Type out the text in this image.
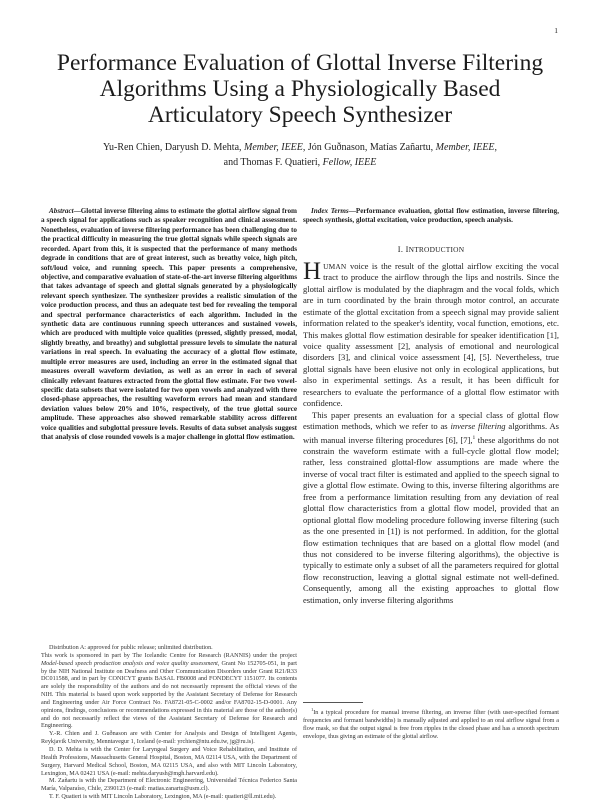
1
Performance Evaluation of Glottal Inverse Filtering
Algorithms Using a Physiologically Based
Articulatory Speech Synthesizer
Yu-Ren Chien, Daryush D. Mehta, Member, IEEE, Jón Guðnason, Matías Zañartu, Member, IEEE,
and Thomas F. Quatieri, Fellow, IEEE

Abstract—Glottal inverse filtering aims to estimate the glottal airflow signal from a speech signal for applications such as speaker recognition and clinical assessment. Nonetheless, evaluation of inverse filtering performance has been challenging due to the practical difficulty in measuring the true glottal signals while speech signals are recorded. Apart from this, it is suspected that the performance of many methods degrade in conditions that are of great interest, such as breathy voice, high pitch, soft/loud voice, and running speech. This paper presents a comprehensive, objective, and comparative evaluation of state-of-the-art inverse filtering algorithms that takes advantage of speech and glottal signals generated by a physiologically relevant speech synthesizer. The synthesizer provides a realistic simulation of the voice production process, and thus an adequate test bed for revealing the temporal and spectral performance characteristics of each algorithm. Included in the synthetic data are continuous running speech utterances and sustained vowels, which are produced with multiple voice qualities (pressed, slightly pressed, modal, slightly breathy, and breathy) and subglottal pressure levels to simulate the natural variations in real speech. In evaluating the accuracy of a glottal flow estimate, multiple error measures are used, including an error in the estimated signal that measures overall waveform deviation, as well as an error in each of several clinically relevant features extracted from the glottal flow estimate. For two vowel-specific data subsets that were isolated for two open vowels and analyzed with three closed-phase approaches, the resulting waveform errors had mean and standard deviation values below 20% and 10%, respectively, of the true glottal source amplitude. These approaches also showed remarkable stability across different voice qualities and subglottal pressure levels. Results of data subset analysis suggest that analysis of close rounded vowels is a major challenge in glottal flow estimation.

Distribution A: approved for public release; unlimited distribution.

This work is sponsored in part by The Icelandic Centre for Research (RANNIS) under the project Model-based speech production analysis and voice quality assessment, Grant No 152705-051, in part by the NIH National Institute on Deafness and Other Communication Disorders under Grant R21/R33 DC011588, and in part by CONICYT grants BASAL FB0008 and FONDECYT 1151077. Its contents are solely the responsibility of the authors and do not necessarily represent the official views of the NIH. This material is based upon work supported by the Assistant Secretary of Defense for Research and Engineering under Air Force Contract No. FA8721-05-C-0002 and/or FA8702-15-D-0001. Any opinions, findings, conclusions or recommendations expressed in this material are those of the author(s) and do not necessarily reflect the views of the Assistant Secretary of Defense for Research and Engineering.

Y.-R. Chien and J. Guðnason are with Center for Analysis and Design of Intelligent Agents, Reykjavik University, Menntavegur 1, Iceland (e-mail: yrchien@ntu.edu.tw, jg@ru.is).

D. D. Mehta is with the Center for Laryngeal Surgery and Voice Rehabilitation, and Institute of Health Professions, Massachusetts General Hospital, Boston, MA 02114 USA, with the Department of Surgery, Harvard Medical School, Boston, MA 02115 USA, and also with MIT Lincoln Laboratory, Lexington, MA 02421 USA (e-mail: mehta.daryush@mgh.harvard.edu).

M. Zañartu is with the Department of Electronic Engineering, Universidad Técnica Federico Santa María, Valparaíso, Chile, 2390123 (e-mail: matias.zanartu@usm.cl).

T. F. Quatieri is with MIT Lincoln Laboratory, Lexington, MA (e-mail: quatieri@ll.mit.edu).

Index Terms—Performance evaluation, glottal flow estimation, inverse filtering, speech synthesis, glottal excitation, voice production, speech analysis.

I. INTRODUCTION

HUMAN voice is the result of the glottal airflow exciting the vocal tract to produce the airflow through the lips and nostrils. Since the glottal airflow is modulated by the diaphragm and the vocal folds, which are in turn coordinated by the brain through motor control, an accurate estimate of the glottal excitation from a speech signal may provide salient information related to the speaker's identity, vocal function, emotions, etc. This makes glottal flow estimation desirable for speaker identification [1], voice quality assessment [2], analysis of emotional and neurological disorders [3], and clinical voice assessment [4], [5]. Nevertheless, true glottal signals have been elusive not only in ecological applications, but also in experimental settings. As a result, it has been difficult for researchers to evaluate the performance of a glottal flow estimator with confidence.

This paper presents an evaluation for a special class of glottal flow estimation methods, which we refer to as inverse filtering algorithms. As with manual inverse filtering procedures [6], [7],$^1$ these algorithms do not constrain the waveform estimate with a full-cycle glottal flow model; rather, less constrained glottal-flow assumptions are made where the inverse of vocal tract filter is estimated and applied to the speech signal to give a glottal flow estimate. Owing to this, inverse filtering algorithms are free from a performance limitation resulting from any deviation of real glottal flow characteristics from a glottal flow model, provided that an optional glottal flow modeling procedure following inverse filtering (such as the one presented in [1]) is not performed. In addition, for the glottal flow estimation techniques that are based on a glottal flow model (and thus not considered to be inverse filtering algorithms), the objective is typically to estimate only a subset of all the parameters required for glottal flow reconstruction, leaving a glottal signal estimate not well-defined. Consequently, among all the existing approaches to glottal flow estimation, only inverse filtering algorithms

$^1$In a typical procedure for manual inverse filtering, an inverse filter (with user-specified formant frequencies and formant bandwidths) is manually adjusted and applied to an oral airflow signal from a flow mask, so that the output signal is free from ripples in the closed phase and has a smooth spectrum envelope, thus giving an estimate of the glottal airflow.
